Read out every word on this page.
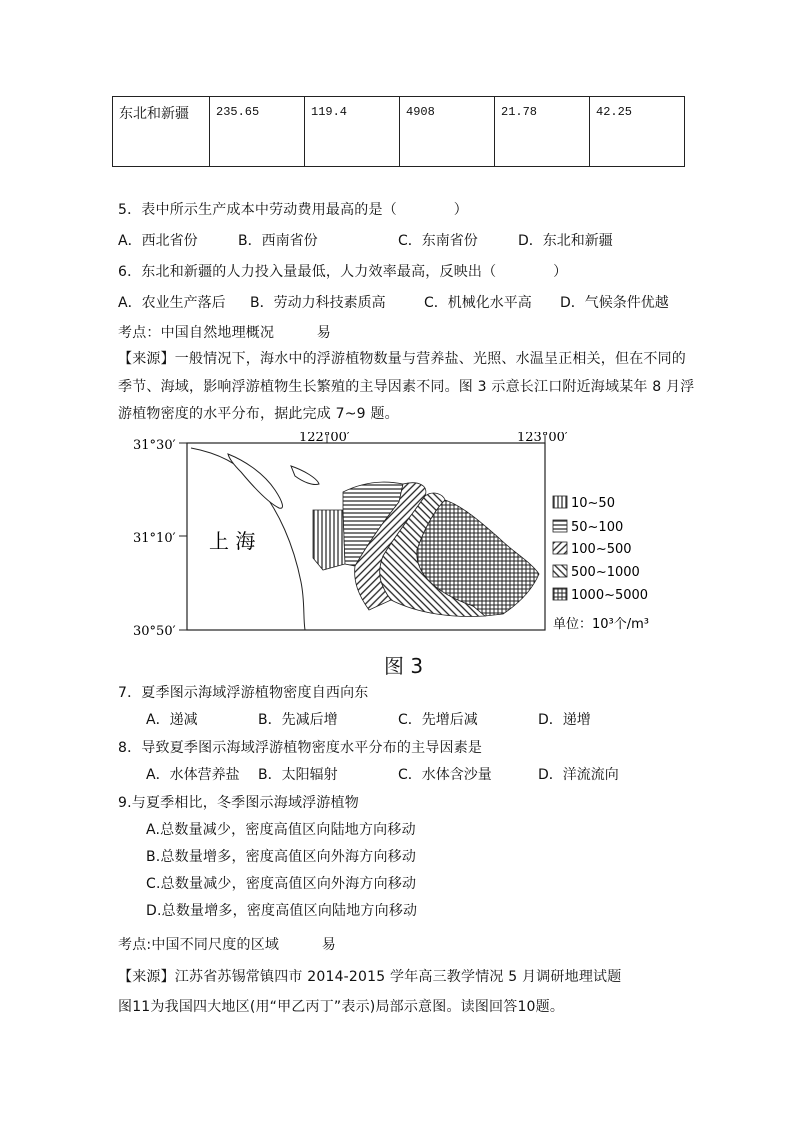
东北和新疆	235.65	119.4	4908	21.78	42.25
5．表中所示生产成本中劳动费用最高的是（　　　　）
A．西北省份	B．西南省份	C．东南省份	D．东北和新疆
6．东北和新疆的人力投入量最低，人力效率最高，反映出（　　　　）
A．农业生产落后 B．劳动力科技素质高	C．机械化水平高 D．气候条件优越
考点：中国自然地理概况　　　易
【来源】一般情况下，海水中的浮游植物数量与营养盐、光照、水温呈正相关，但在不同的
季节、海域，影响浮游植物生长繁殖的主导因素不同。图 3 示意长江口附近海域某年 8 月浮
游植物密度的水平分布，据此完成 7~9 题。
31°30′
31°10′
30°50′
122°00′	123°00′
上 海
10~50
50~100
100~500
500~1000
1000~5000
单位：10³个/m³
图 3
7．夏季图示海域浮游植物密度自西向东
A．递减	B．先减后增	C．先增后减	D．递增
8．导致夏季图示海域浮游植物密度水平分布的主导因素是
A．水体营养盐 B．太阳辐射	C．水体含沙量	D．洋流流向
9.与夏季相比，冬季图示海域浮游植物
A.总数量减少，密度高值区向陆地方向移动
B.总数量增多，密度高值区向外海方向移动
C.总数量减少，密度高值区向外海方向移动
D.总数量增多，密度高值区向陆地方向移动
考点:中国不同尺度的区域　　　易
【来源】江苏省苏锡常镇四市 2014-2015 学年高三教学情况 5 月调研地理试题
图11为我国四大地区(用“甲乙丙丁”表示)局部示意图。读图回答10题。
